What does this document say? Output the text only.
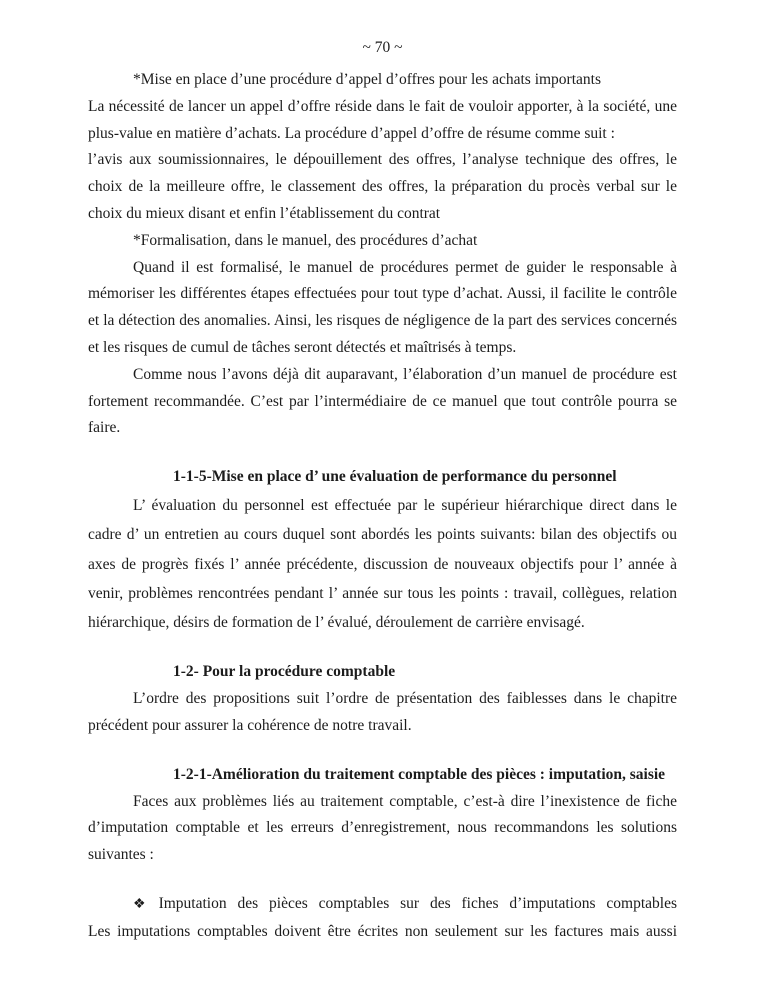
~ 70 ~

*Mise en place d’une procédure d’appel d’offres pour les achats importants

La nécessité de lancer un appel d’offre réside dans le fait de vouloir apporter, à la société, une plus-value en matière d’achats. La procédure d’appel d’offre de résume comme suit :

l’avis aux soumissionnaires, le dépouillement des offres, l’analyse technique des offres, le choix de la meilleure offre, le classement des offres, la préparation du procès verbal sur le choix du mieux disant et enfin l’établissement du contrat

*Formalisation, dans le manuel, des procédures d’achat

Quand il est formalisé, le manuel de procédures permet de guider le responsable à mémoriser les différentes étapes effectuées pour tout type d’achat. Aussi, il facilite le contrôle et la détection des anomalies. Ainsi, les risques de négligence de la part des services concernés et les risques de cumul de tâches seront détectés et maîtrisés à temps.

Comme nous l’avons déjà dit auparavant, l’élaboration d’un manuel de procédure est fortement recommandée. C’est par l’intermédiaire de ce manuel que tout contrôle pourra se faire.

1-1-5-Mise en place d’ une évaluation de performance du personnel

L’ évaluation du personnel est effectuée par le supérieur hiérarchique direct dans le cadre d’ un entretien au cours duquel sont abordés les points suivants: bilan des objectifs ou axes de progrès fixés l’ année précédente, discussion de nouveaux objectifs pour l’ année à venir, problèmes rencontrées pendant l’ année sur tous les points : travail, collègues, relation hiérarchique, désirs de formation de l’ évalué, déroulement de carrière envisagé.

1-2- Pour la procédure comptable

L’ordre des propositions suit l’ordre de présentation des faiblesses dans le chapitre précédent pour assurer la cohérence de notre travail.

1-2-1-Amélioration du traitement comptable des pièces : imputation, saisie

Faces aux problèmes liés au traitement comptable, c’est-à dire l’inexistence de fiche d’imputation comptable et les erreurs d’enregistrement, nous recommandons les solutions suivantes :

❖ Imputation des pièces comptables sur des fiches d’imputations comptables

Les imputations comptables doivent être écrites non seulement sur les factures mais aussi
